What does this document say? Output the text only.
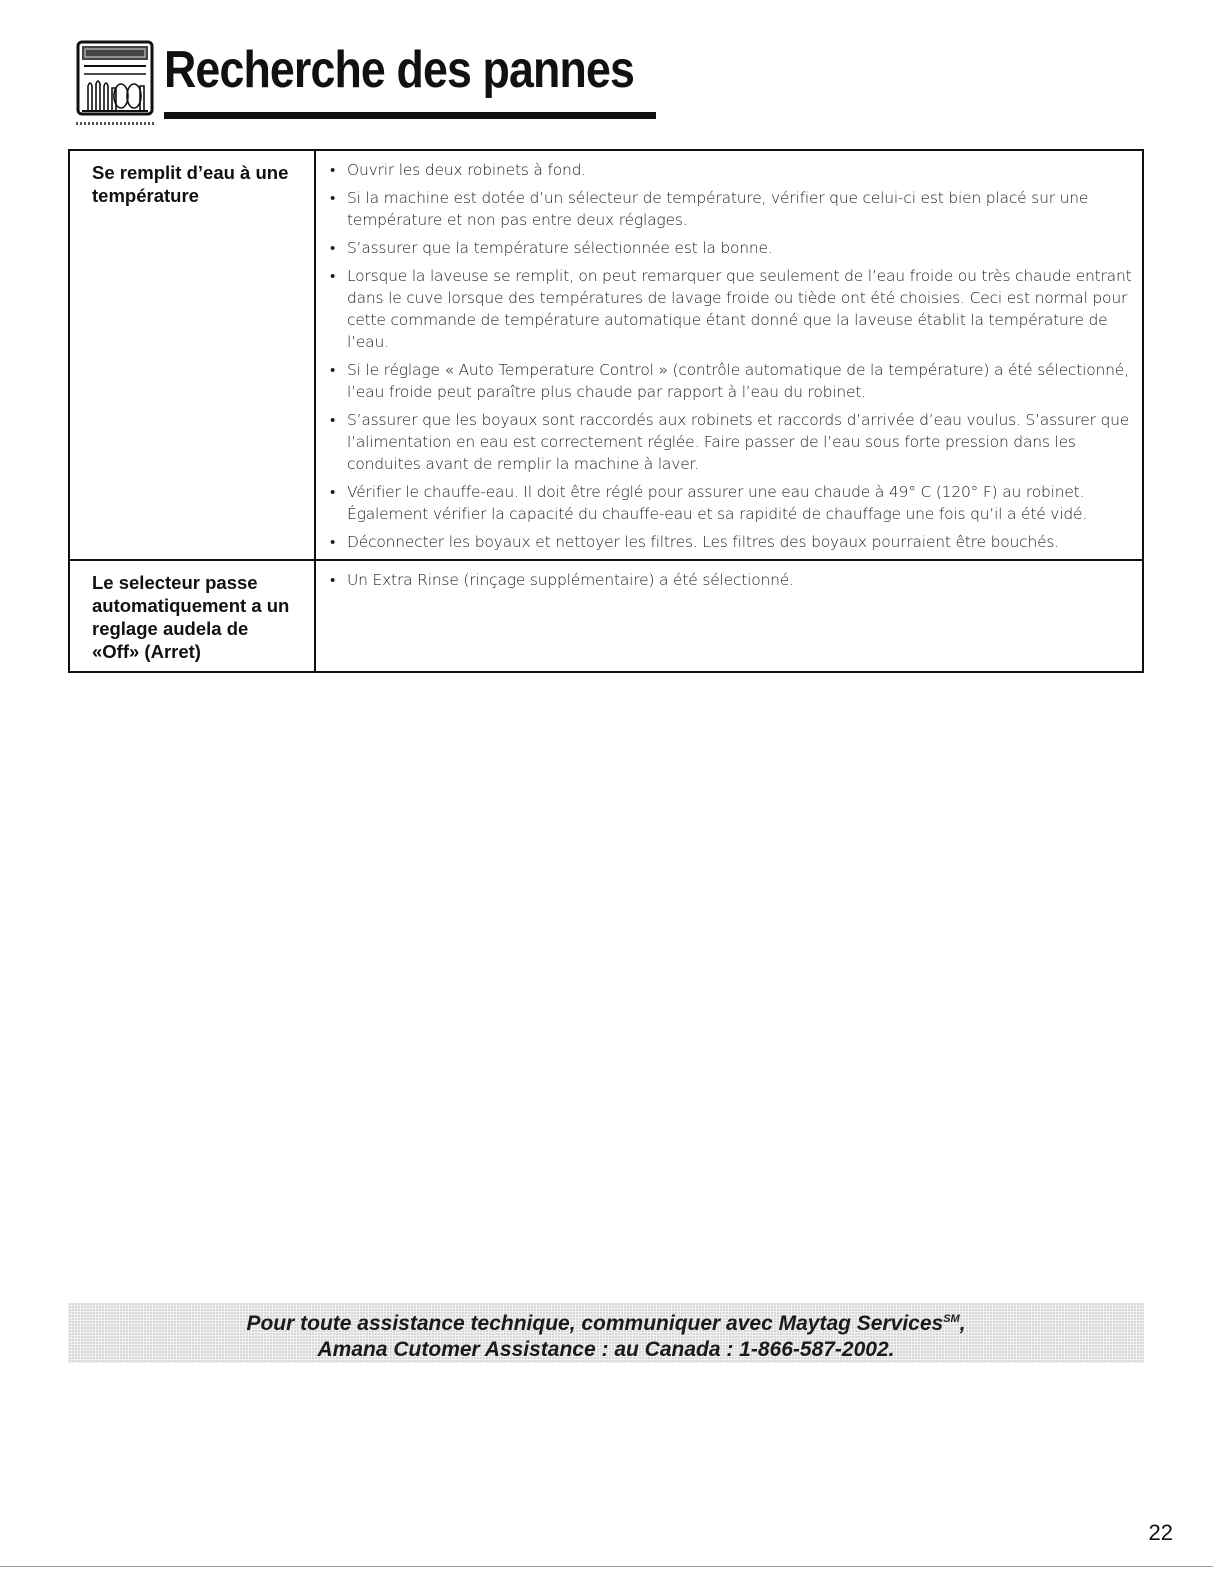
Recherche des pannes
Se remplit d’eau à une
température
• Ouvrir les deux robinets à fond.
• Si la machine est dotée d’un sélecteur de température, vérifier que celui-ci est bien placé sur une température et non pas entre deux réglages.
• S’assurer que la température sélectionnée est la bonne.
• Lorsque la laveuse se remplit, on peut remarquer que seulement de l’eau froide ou très chaude entrant dans le cuve lorsque des températures de lavage froide ou tiède ont été choisies. Ceci est normal pour cette commande de température automatique étant donné que la laveuse établit la température de l’eau.
• Si le réglage « Auto Temperature Control » (contrôle automatique de la température) a été sélectionné, l’eau froide peut paraître plus chaude par rapport à l’eau du robinet.
• S’assurer que les boyaux sont raccordés aux robinets et raccords d’arrivée d’eau voulus. S’assurer que l’alimentation en eau est correctement réglée. Faire passer de l’eau sous forte pression dans les conduites avant de remplir la machine à laver.
• Vérifier le chauffe-eau. Il doit être réglé pour assurer une eau chaude à 49° C (120° F) au robinet. Également vérifier la capacité du chauffe-eau et sa rapidité de chauffage une fois qu’il a été vidé.
• Déconnecter les boyaux et nettoyer les filtres. Les filtres des boyaux pourraient être bouchés.
Le selecteur passe
automatiquement a un
reglage audela de
«Off» (Arret)
• Un Extra Rinse (rinçage supplémentaire) a été sélectionné.
Pour toute assistance technique, communiquer avec Maytag Services℠,
Amana Cutomer Assistance : au Canada : 1-866-587-2002.
22
